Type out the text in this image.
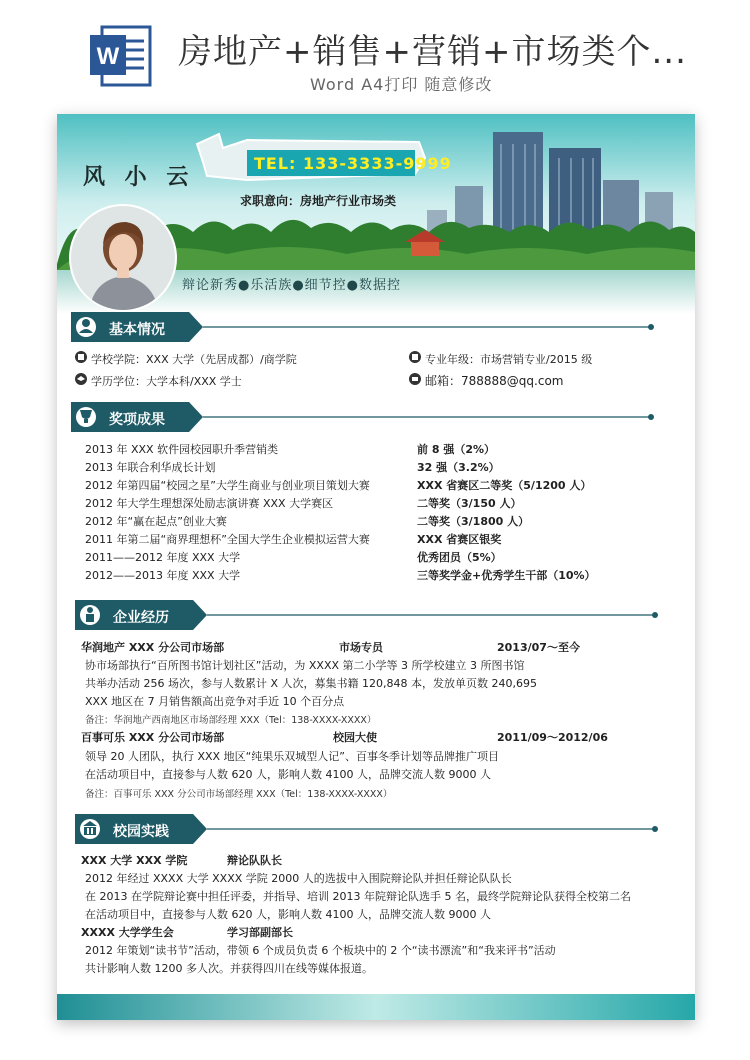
W 房地产+销售+营销+市场类个...
Word A4打印 随意修改
风 小 云
TEL: 133-3333-9999
求职意向：房地产行业市场类
辩论新秀●乐活族●细节控●数据控
基本情况
学校学院：XXX 大学（先居成都）/商学院	专业年级：市场营销专业/2015 级
学历学位：大学本科/XXX 学士	邮箱：788888@qq.com
奖项成果
2013 年 XXX 软件园校园职升季营销类	前 8 强（2%）
2013 年联合利华成长计划	32 强（3.2%）
2012 年第四届“校园之星”大学生商业与创业项目策划大赛	XXX 省赛区二等奖（5/1200 人）
2012 年大学生理想深处励志演讲赛 XXX 大学赛区	二等奖（3/150 人）
2012 年“赢在起点”创业大赛	二等奖（3/1800 人）
2011 年第二届“商界理想杯”全国大学生企业模拟运营大赛	XXX 省赛区银奖
2011——2012 年度 XXX 大学	优秀团员（5%）
2012——2013 年度 XXX 大学	三等奖学金+优秀学生干部（10%）
企业经历
华润地产 XXX 分公司市场部	市场专员	2013/07～至今
协市场部执行“百所图书馆计划社区”活动，为 XXXX 第二小学等 3 所学校建立 3 所图书馆
共举办活动 256 场次，参与人数累计 X 人次，募集书籍 120,848 本，发放单页数 240,695
XXX 地区在 7 月销售额高出竞争对手近 10 个百分点
备注：华润地产西南地区市场部经理 XXX（Tel：138-XXXX-XXXX）
百事可乐 XXX 分公司市场部	校园大使	2011/09～2012/06
领导 20 人团队，执行 XXX 地区“纯果乐双城型人记”、百事冬季计划等品牌推广项目
在活动项目中，直接参与人数 620 人，影响人数 4100 人，品牌交流人数 9000 人
备注：百事可乐 XXX 分公司市场部经理 XXX（Tel：138-XXXX-XXXX）
校园实践
XXX 大学 XXX 学院	辩论队队长
2012 年经过 XXXX 大学 XXXX 学院 2000 人的选拔中入围院辩论队并担任辩论队队长
在 2013 在学院辩论赛中担任评委，并指导、培训 2013 年院辩论队选手 5 名，最终学院辩论队获得全校第二名
在活动项目中，直接参与人数 620 人，影响人数 4100 人，品牌交流人数 9000 人
XXXX 大学学生会	学习部副部长
2012 年策划“读书节”活动，带领 6 个成员负责 6 个板块中的 2 个“读书漂流”和“我来评书”活动
共计影响人数 1200 多人次。并获得四川在线等媒体报道。
